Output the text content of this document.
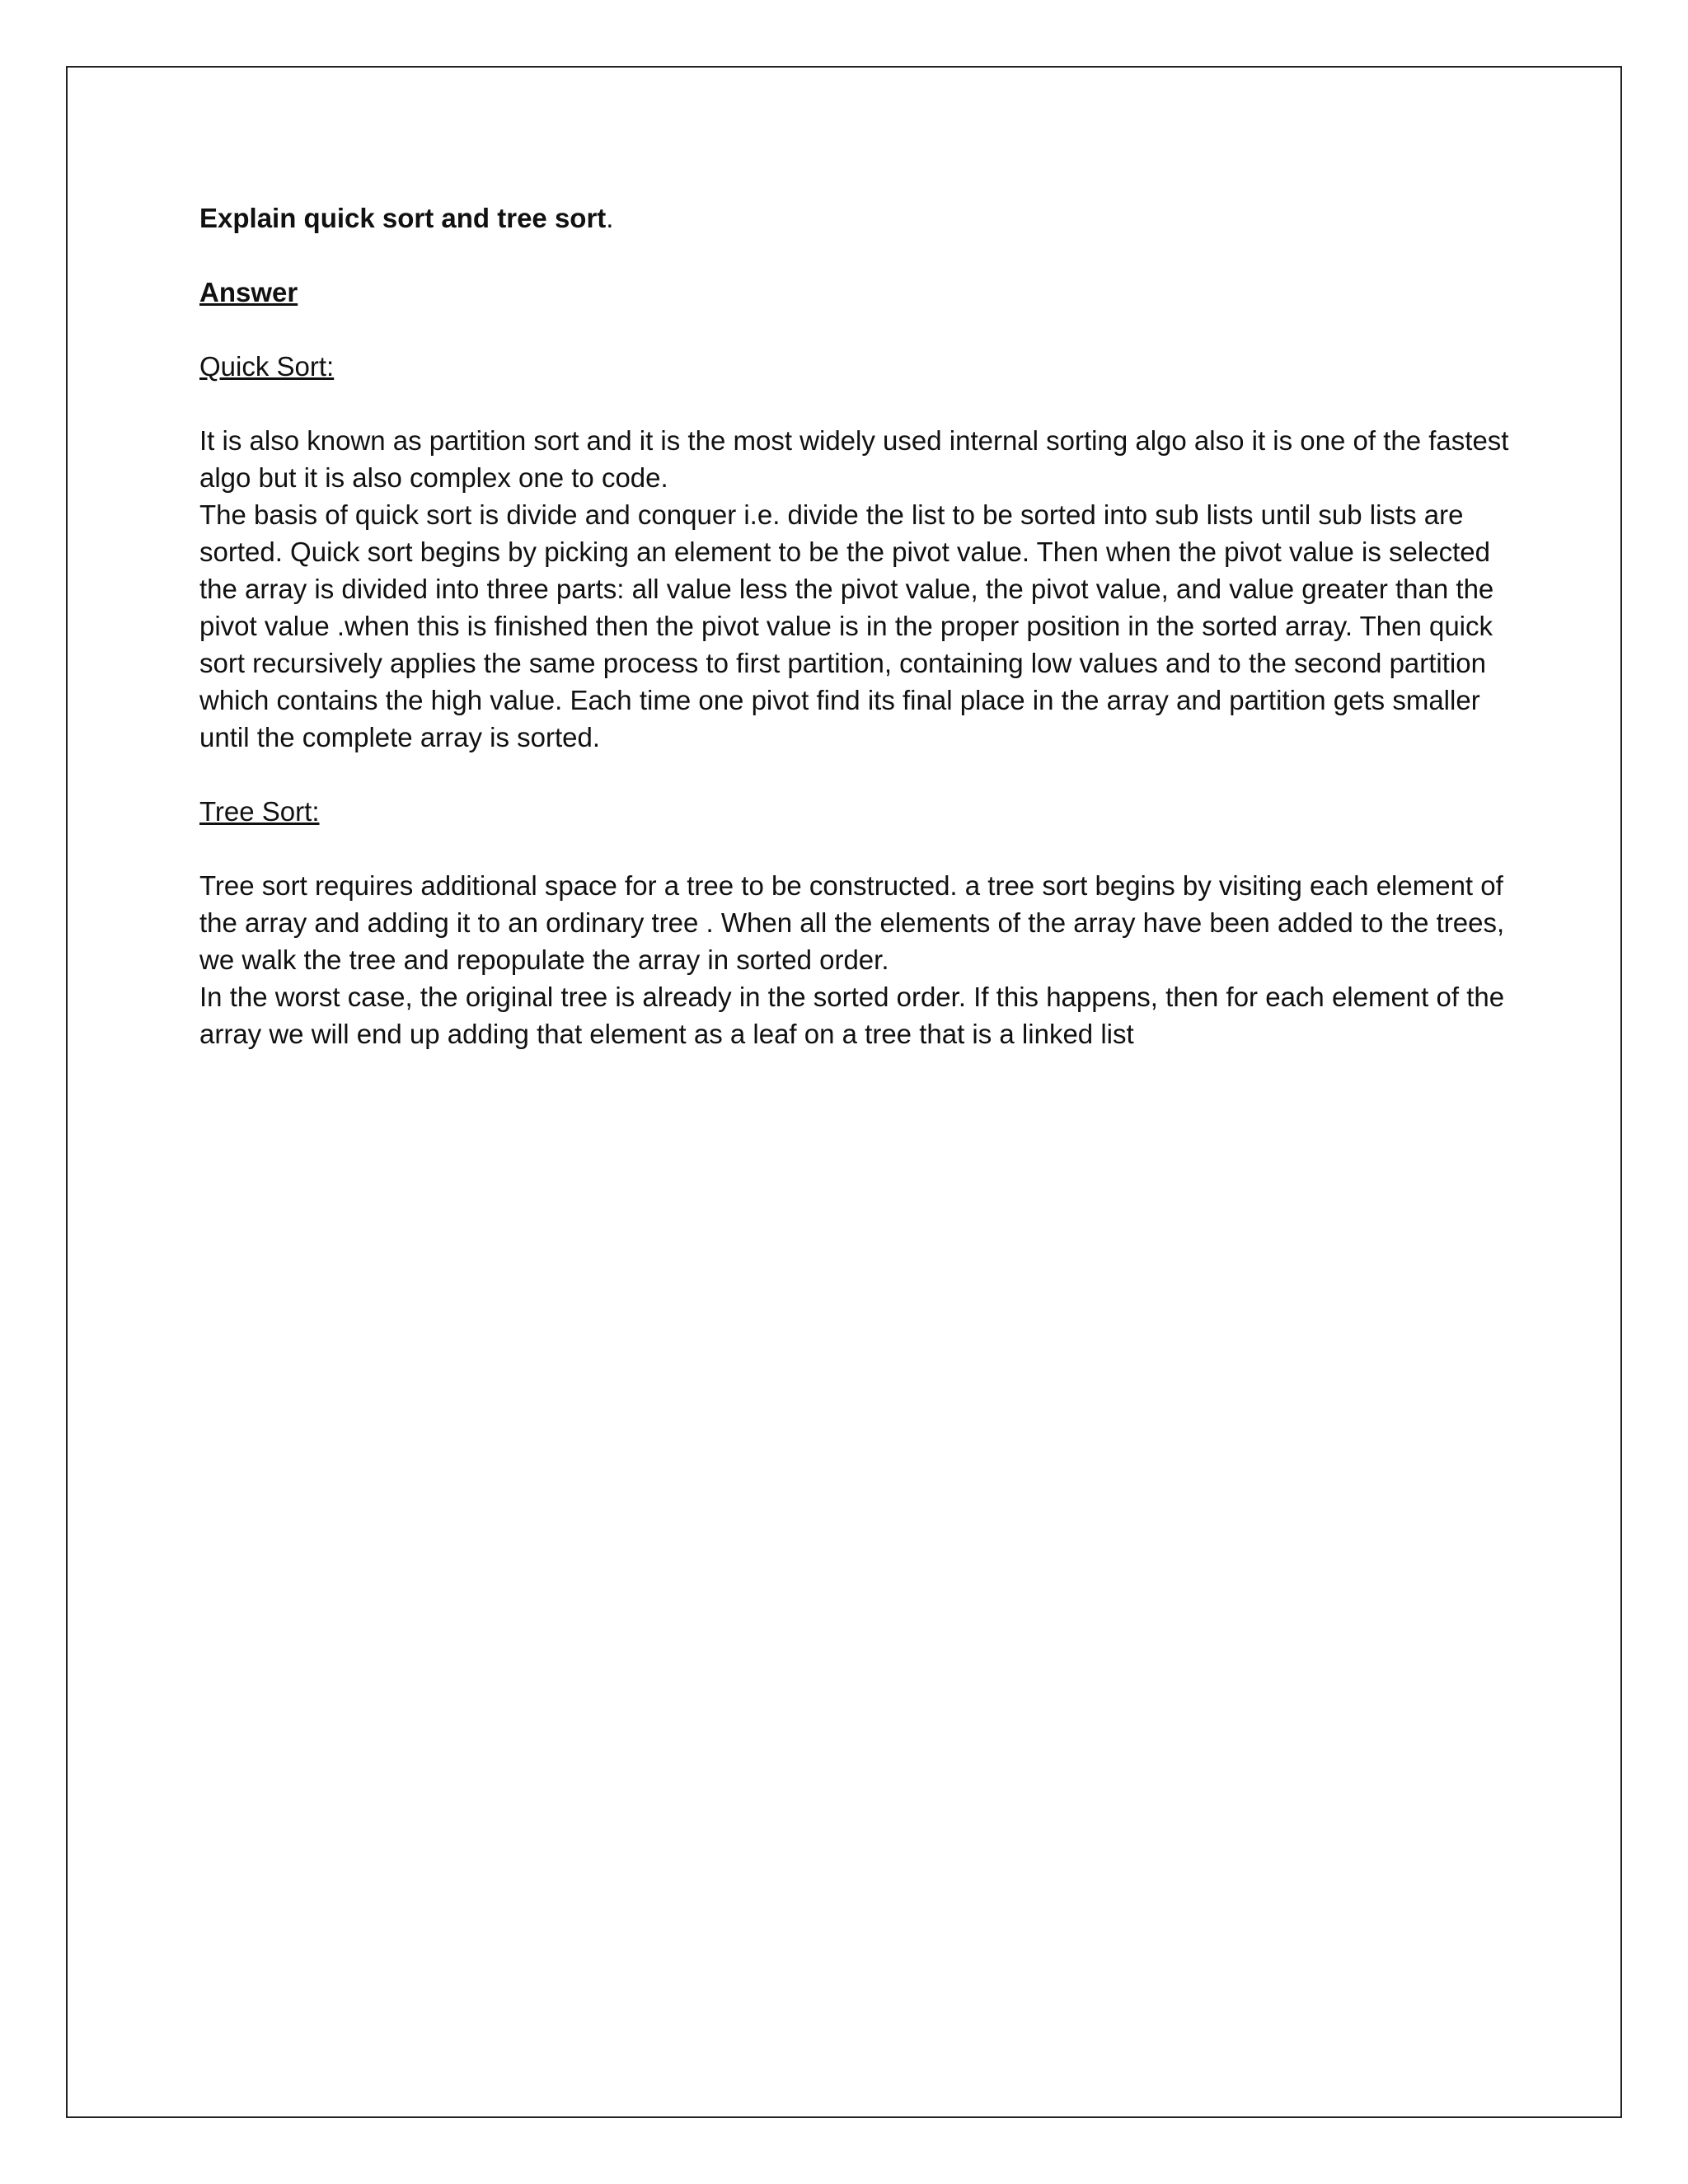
Explain quick sort and tree sort.

Answer

Quick Sort:

It is also known as partition sort and it is the most widely used internal sorting algo also it is one of the fastest algo but it is also complex one to code.

The basis of quick sort is divide and conquer i.e. divide the list to be sorted into sub lists until sub lists are sorted. Quick sort begins by picking an element to be the pivot value. Then when the pivot value is selected the array is divided into three parts: all value less the pivot value, the pivot value, and value greater than the pivot value .when this is finished then the pivot value is in the proper position in the sorted array. Then quick sort recursively applies the same process to first partition, containing low values and to the second partition which contains the high value. Each time one pivot find its final place in the array and partition gets smaller until the complete array is sorted.

Tree Sort:

Tree sort requires additional space for a tree to be constructed. a tree sort begins by visiting each element of the array and adding it to an ordinary tree . When all the elements of the array have been added to the trees, we walk the tree and repopulate the array in sorted order.

In the worst case, the original tree is already in the sorted order. If this happens, then for each element of the array we will end up adding that element as a leaf on a tree that is a linked list
